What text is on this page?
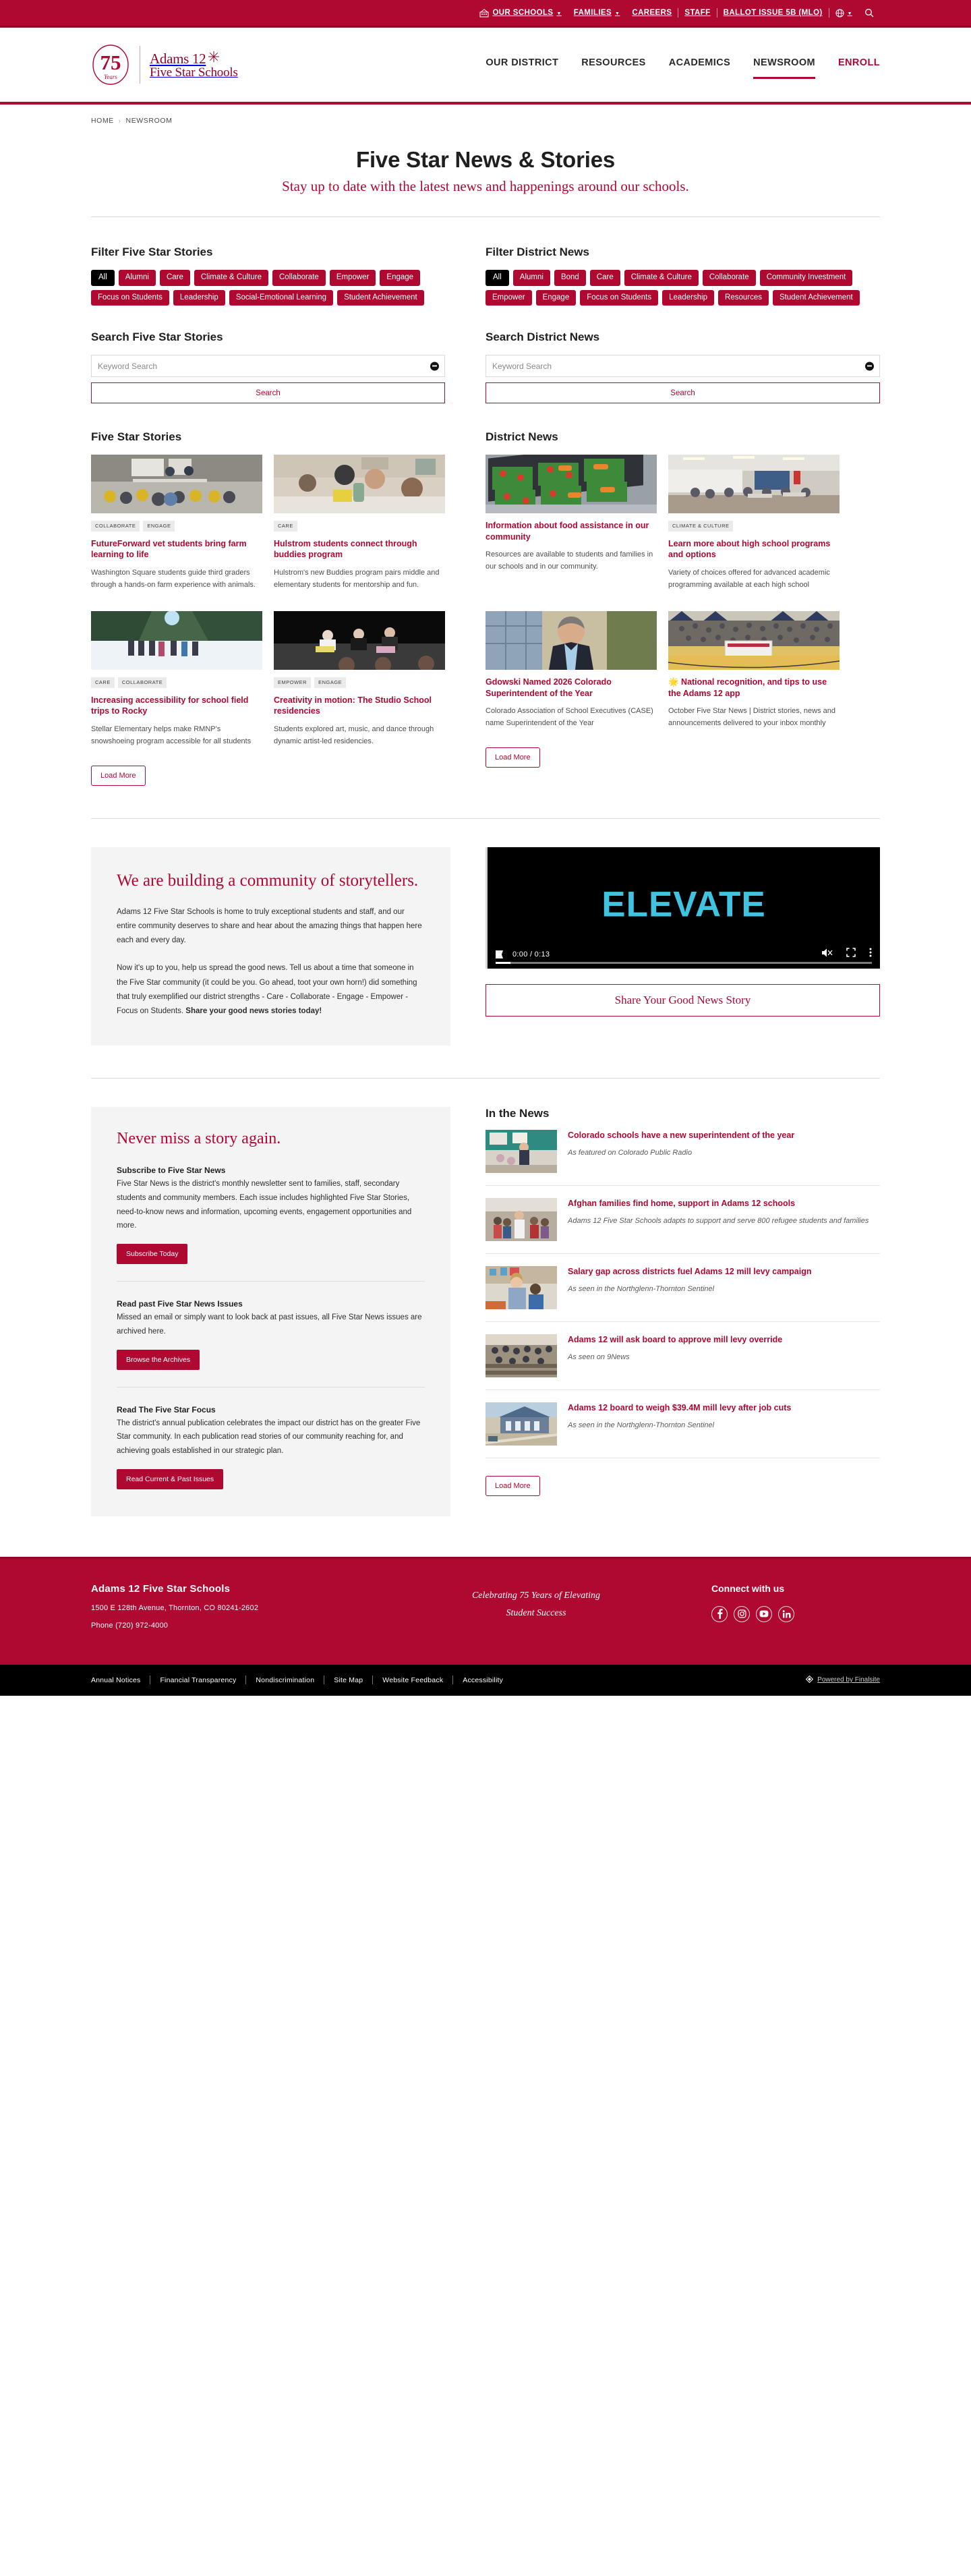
OUR SCHOOLS ▼ FAMILIES ▼ CAREERS STAFF BALLOT ISSUE 5B (MLO)	▼
75
Years
Adams 12
Five Star Schools
OUR DISTRICT RESOURCES ACADEMICS NEWSROOM ENROLL
HOME › NEWSROOM
Five Star News & Stories

Stay up to date with the latest news and happenings around our schools.

Filter Five Star Stories
All	Alumni	Care	Climate & Culture	Collaborate	Empower	Engage
Focus on Students	Leadership	Social-Emotional Learning	Student Achievement
Filter District News
All	Alumni	Bond	Care	Climate & Culture	Collaborate	Community Investment
Empower	Engage	Focus on Students	Leadership	Resources	Student Achievement
Search Five Star Stories
Keyword Search
Search
Search District News
Keyword Search
Search
Five Star Stories
COLLABORATE	ENGAGE
FutureForward vet students bring farm learning to life
Washington Square students guide third graders through a hands-on farm experience with animals.
CARE
Hulstrom students connect through buddies program
Hulstrom's new Buddies program pairs middle and elementary students for mentorship and fun.
CARE	COLLABORATE
Increasing accessibility for school field trips to Rocky
Stellar Elementary helps make RMNP's snowshoeing program accessible for all students
EMPOWER	ENGAGE
Creativity in motion: The Studio School residencies
Students explored art, music, and dance through dynamic artist-led residencies.
Load More
District News
Information about food assistance in our community
Resources are available to students and families in our schools and in our community.
CLIMATE & CULTURE
Learn more about high school programs and options
Variety of choices offered for advanced academic programming available at each high school
Gdowski Named 2026 Colorado Superintendent of the Year
Colorado Association of School Executives (CASE) name Superintendent of the Year
🌟 National recognition, and tips to use the Adams 12 app
October Five Star News | District stories, news and announcements delivered to your inbox monthly
Load More
We are building a community of storytellers.

Adams 12 Five Star Schools is home to truly exceptional students and staff, and our entire community deserves to share and hear about the amazing things that happen here each and every day.

Now it's up to you, help us spread the good news. Tell us about a time that someone in the Five Star community (it could be you. Go ahead, toot your own horn!) did something that truly exemplified our district strengths - Care - Collaborate - Engage - Empower - Focus on Students. Share your good news stories today!

ELEVATE
0:00 / 0:13
Share Your Good News Story
Never miss a story again.
Subscribe to Five Star News

Five Star News is the district's monthly newsletter sent to families, staff, secondary students and community members. Each issue includes highlighted Five Star Stories, need-to-know news and information, upcoming events, engagement opportunities and more.

Subscribe Today
Read past Five Star News Issues

Missed an email or simply want to look back at past issues, all Five Star News issues are archived here.

Browse the Archives
Read The Five Star Focus

The district's annual publication celebrates the impact our district has on the greater Five Star community. In each publication read stories of our community reaching for, and achieving goals established in our strategic plan.

Read Current & Past Issues
In the News
Colorado schools have a new superintendent of the year
As featured on Colorado Public Radio
Afghan families find home, support in Adams 12 schools
Adams 12 Five Star Schools adapts to support and serve 800 refugee students and families
Salary gap across districts fuel Adams 12 mill levy campaign
As seen in the Northglenn-Thornton Sentinel
Adams 12 will ask board to approve mill levy override
As seen on 9News
Adams 12 board to weigh $39.4M mill levy after job cuts
As seen in the Northglenn-Thornton Sentinel
Load More
Adams 12 Five Star Schools

1500 E 128th Avenue, Thornton, CO 80241-2602

Phone (720) 972-4000

Celebrating 75 Years of Elevating
Student Success
Connect with us
Annual Notices	Financial Transparency	Nondiscrimination	Site Map	Website Feedback	Accessibility	Powered by Finalsite
